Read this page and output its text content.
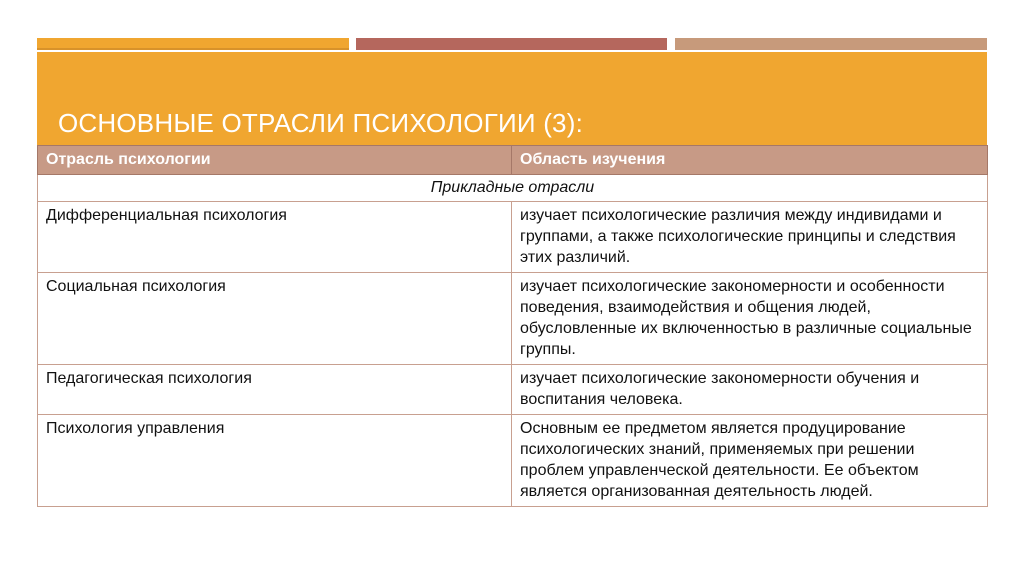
ОСНОВНЫЕ ОТРАСЛИ ПСИХОЛОГИИ (3):
Отрасль психологии	Область изучения
Прикладные отрасли	
Дифференциальная психология	изучает психологические различия между индивидами и группами, а также психологические принципы и следствия этих различий.
Социальная психология	изучает психологические закономерности и особенности поведения, взаимодействия и общения людей, обусловленные их включенностью в различные социальные группы.
Педагогическая психология	изучает психологические закономерности обучения и воспитания человека.
Психология управления	Основным ее предметом является продуцирование психологических знаний, применяемых при решении проблем управленческой деятельности. Ее объектом является организованная деятельность людей.
